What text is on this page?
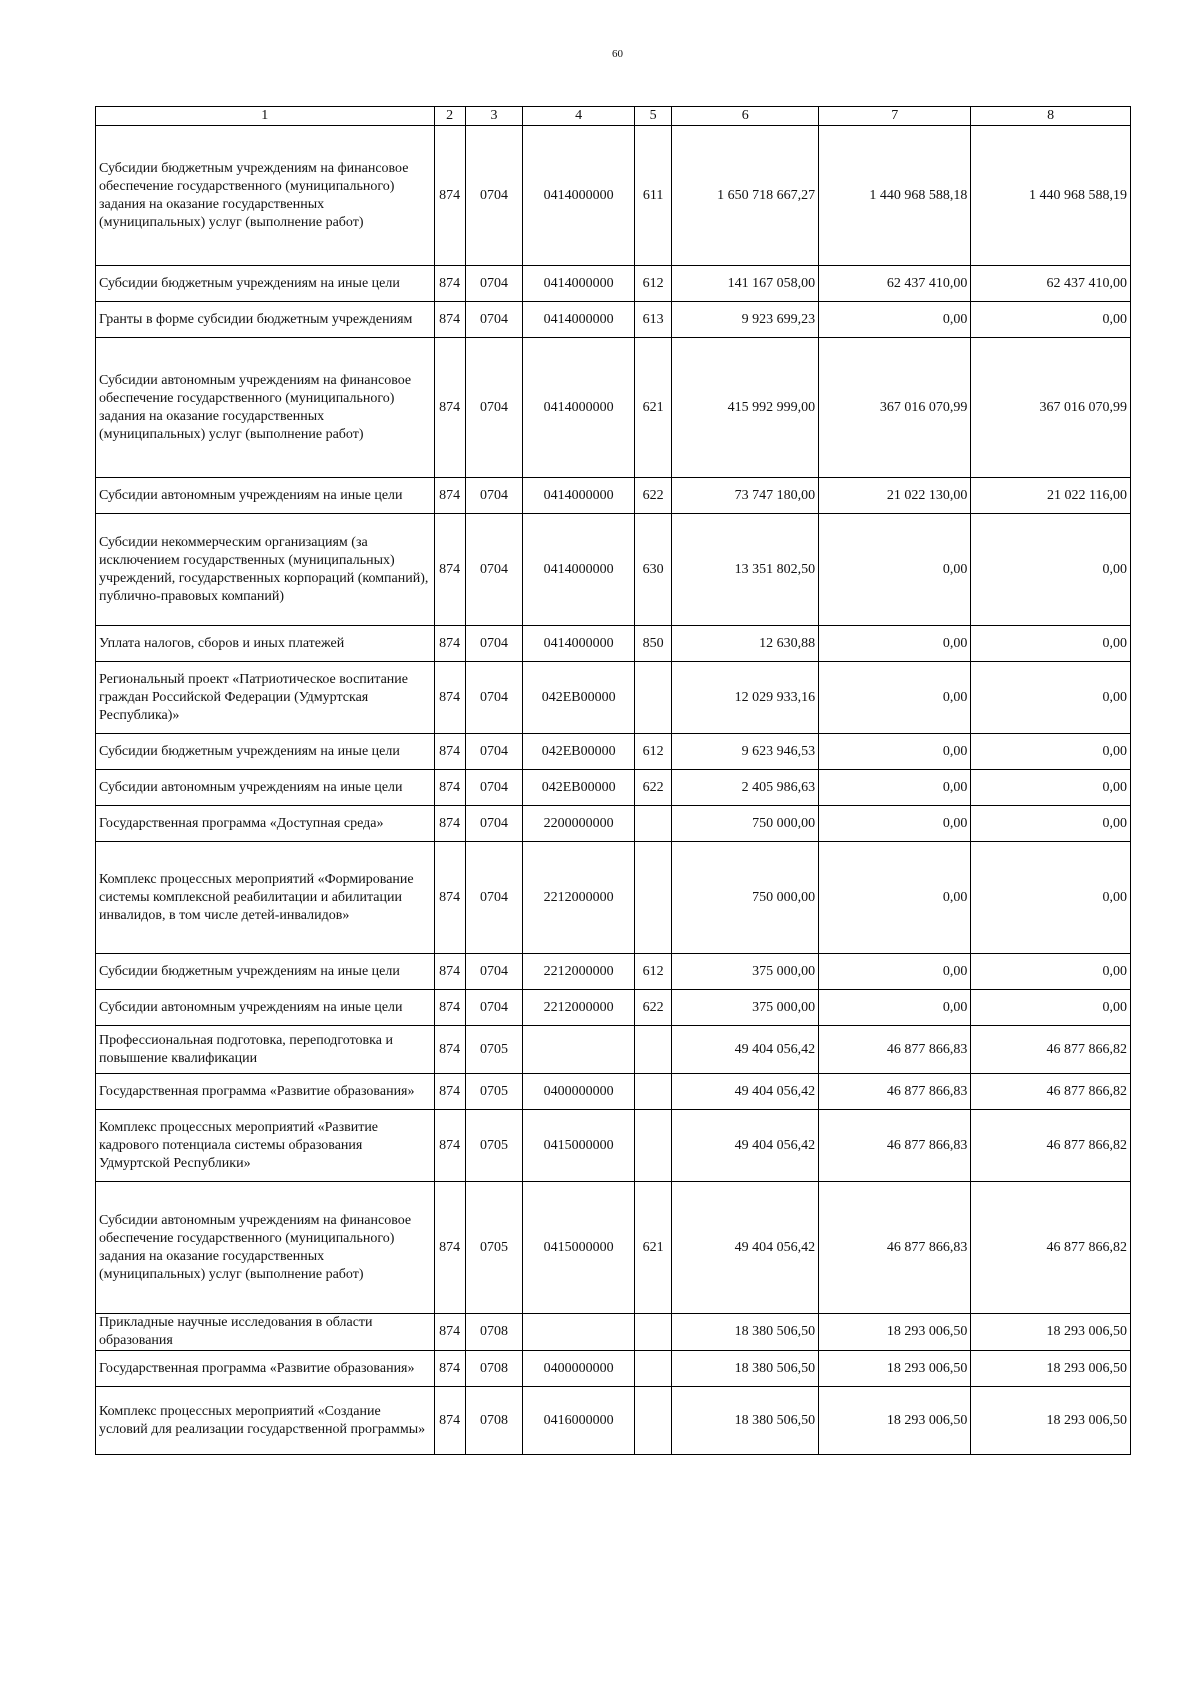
60
1	2	3	4	5	6	7	8
Субсидии бюджетным учреждениям на финансовое обеспечение государственного (муниципального) задания на оказание государственных (муниципальных) услуг (выполнение работ)	874	0704	0414000000	611	1 650 718 667,27	1 440 968 588,18	1 440 968 588,19
Субсидии бюджетным учреждениям на иные цели	874	0704	0414000000	612	141 167 058,00	62 437 410,00	62 437 410,00
Гранты в форме субсидии бюджетным учреждениям	874	0704	0414000000	613	9 923 699,23	0,00	0,00
Субсидии автономным учреждениям на финансовое обеспечение государственного (муниципального) задания на оказание государственных (муниципальных) услуг (выполнение работ)	874	0704	0414000000	621	415 992 999,00	367 016 070,99	367 016 070,99
Субсидии автономным учреждениям на иные цели	874	0704	0414000000	622	73 747 180,00	21 022 130,00	21 022 116,00
Субсидии некоммерческим организациям (за исключением государственных (муниципальных) учреждений, государственных корпораций (компаний), публично-правовых компаний)	874	0704	0414000000	630	13 351 802,50	0,00	0,00
Уплата налогов, сборов и иных платежей	874	0704	0414000000	850	12 630,88	0,00	0,00
Региональный проект «Патриотическое воспитание граждан Российской Федерации (Удмуртская Республика)»	874	0704	042EB00000		12 029 933,16	0,00	0,00
Субсидии бюджетным учреждениям на иные цели	874	0704	042EB00000	612	9 623 946,53	0,00	0,00
Субсидии автономным учреждениям на иные цели	874	0704	042EB00000	622	2 405 986,63	0,00	0,00
Государственная программа «Доступная среда»	874	0704	2200000000		750 000,00	0,00	0,00
Комплекс процессных мероприятий «Формирование системы комплексной реабилитации и абилитации инвалидов, в том числе детей-инвалидов»	874	0704	2212000000		750 000,00	0,00	0,00
Субсидии бюджетным учреждениям на иные цели	874	0704	2212000000	612	375 000,00	0,00	0,00
Субсидии автономным учреждениям на иные цели	874	0704	2212000000	622	375 000,00	0,00	0,00
Профессиональная подготовка, переподготовка и повышение квалификации	874	0705			49 404 056,42	46 877 866,83	46 877 866,82
Государственная программа «Развитие образования»	874	0705	0400000000		49 404 056,42	46 877 866,83	46 877 866,82
Комплекс процессных мероприятий «Развитие кадрового потенциала системы образования Удмуртской Республики»	874	0705	0415000000		49 404 056,42	46 877 866,83	46 877 866,82
Субсидии автономным учреждениям на финансовое обеспечение государственного (муниципального) задания на оказание государственных (муниципальных) услуг (выполнение работ)	874	0705	0415000000	621	49 404 056,42	46 877 866,83	46 877 866,82
Прикладные научные исследования в области образования	874	0708			18 380 506,50	18 293 006,50	18 293 006,50
Государственная программа «Развитие образования»	874	0708	0400000000		18 380 506,50	18 293 006,50	18 293 006,50
Комплекс процессных мероприятий «Создание условий для реализации государственной программы»	874	0708	0416000000		18 380 506,50	18 293 006,50	18 293 006,50
